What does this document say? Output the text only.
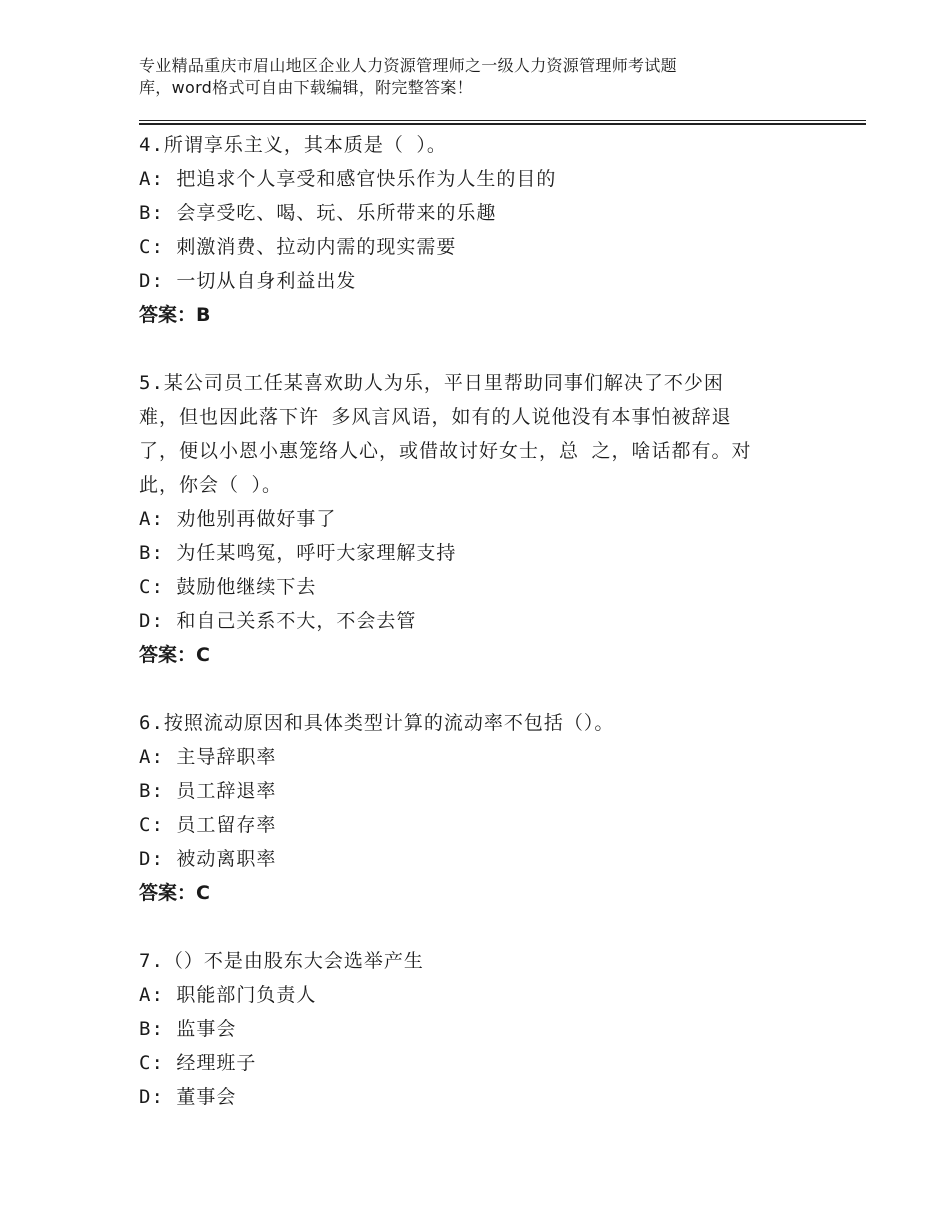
专业精品重庆市眉山地区企业人力资源管理师之一级人力资源管理师考试题
库，word格式可自由下载编辑，附完整答案！
4.所谓享乐主义，其本质是（ ）。
A: 把追求个人享受和感官快乐作为人生的目的
B: 会享受吃、喝、玩、乐所带来的乐趣
C: 刺激消费、拉动内需的现实需要
D: 一切从自身利益出发
答案：B
5.某公司员工任某喜欢助人为乐，平日里帮助同事们解决了不少困
难，但也因此落下许 多风言风语，如有的人说他没有本事怕被辞退
了，便以小恩小惠笼络人心，或借故讨好女士，总 之，啥话都有。对
此，你会（ ）。
A: 劝他别再做好事了
B: 为任某鸣冤，呼吁大家理解支持
C: 鼓励他继续下去
D: 和自己关系不大，不会去管
答案：C
6.按照流动原因和具体类型计算的流动率不包括（）。
A: 主导辞职率
B: 员工辞退率
C: 员工留存率
D: 被动离职率
答案：C
7.（）不是由股东大会选举产生
A: 职能部门负责人
B: 监事会
C: 经理班子
D: 董事会
